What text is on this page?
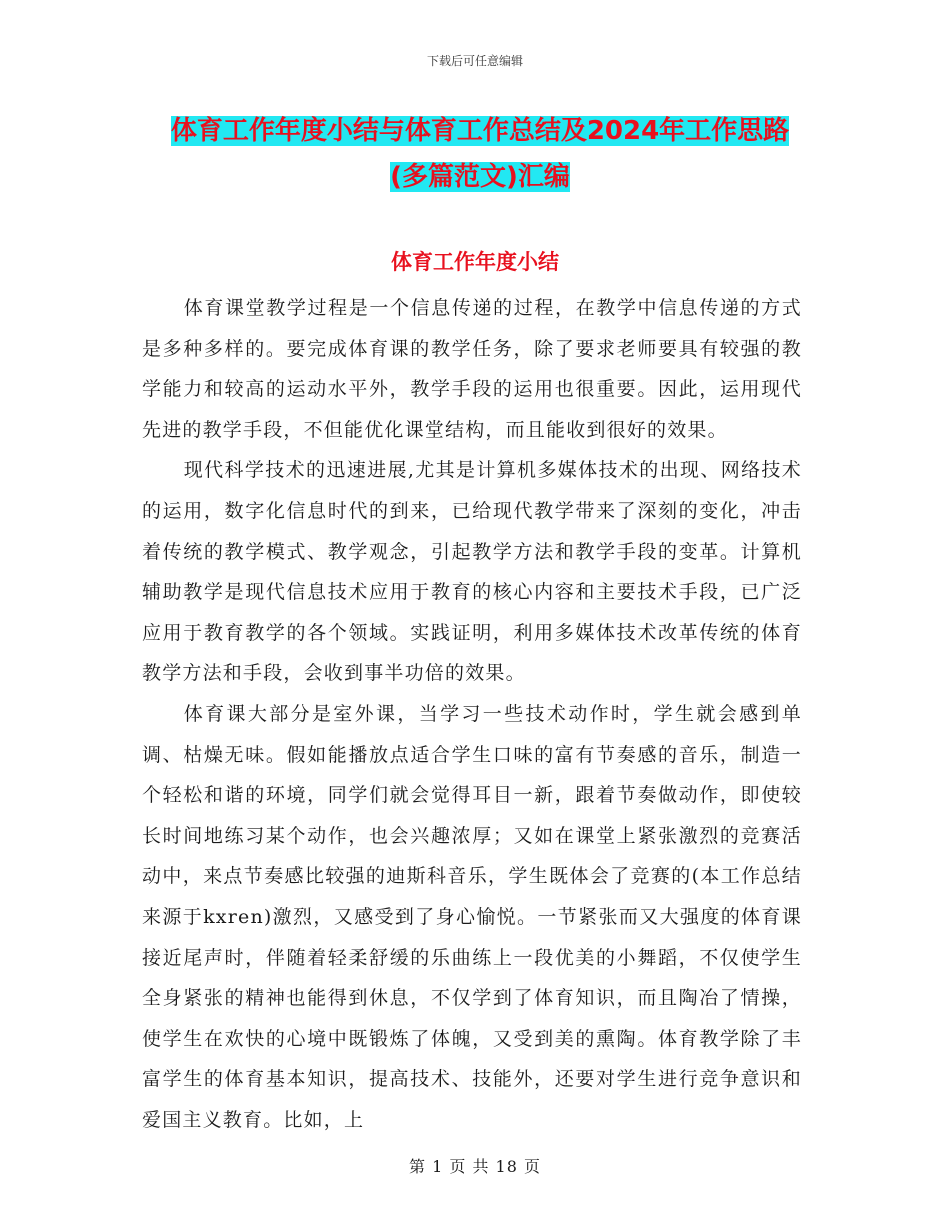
下载后可任意编辑
体育工作年度小结与体育工作总结及2024年工作思路
(多篇范文)汇编
体育工作年度小结

体育课堂教学过程是一个信息传递的过程，在教学中信息传递的方式是多种多样的。要完成体育课的教学任务，除了要求老师要具有较强的教学能力和较高的运动水平外，教学手段的运用也很重要。因此，运用现代先进的教学手段，不但能优化课堂结构，而且能收到很好的效果。

现代科学技术的迅速进展,尤其是计算机多媒体技术的出现、网络技术的运用，数字化信息时代的到来，已给现代教学带来了深刻的变化，冲击着传统的教学模式、教学观念，引起教学方法和教学手段的变革。计算机辅助教学是现代信息技术应用于教育的核心内容和主要技术手段，已广泛应用于教育教学的各个领域。实践证明，利用多媒体技术改革传统的体育教学方法和手段，会收到事半功倍的效果。

体育课大部分是室外课，当学习一些技术动作时，学生就会感到单调、枯燥无味。假如能播放点适合学生口味的富有节奏感的音乐，制造一个轻松和谐的环境，同学们就会觉得耳目一新，跟着节奏做动作，即使较长时间地练习某个动作，也会兴趣浓厚；又如在课堂上紧张激烈的竞赛活动中，来点节奏感比较强的迪斯科音乐，学生既体会了竞赛的(本工作总结来源于kxren)激烈，又感受到了身心愉悦。一节紧张而又大强度的体育课接近尾声时，伴随着轻柔舒缓的乐曲练上一段优美的小舞蹈，不仅使学生全身紧张的精神也能得到休息，不仅学到了体育知识，而且陶冶了情操，使学生在欢快的心境中既锻炼了体魄，又受到美的熏陶。体育教学除了丰富学生的体育基本知识，提高技术、技能外，还要对学生进行竞争意识和爱国主义教育。比如，上

第 1 页 共 18 页
